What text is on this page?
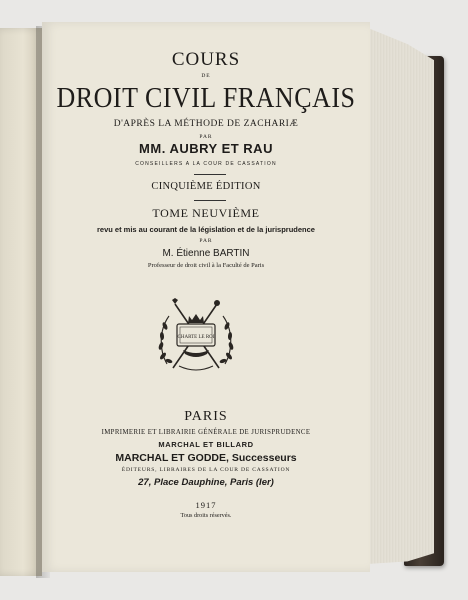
COURS

DE

DROIT CIVIL FRANÇAIS

D'APRÈS LA MÉTHODE DE ZACHARIÆ

PAR

MM. AUBRY ET RAU

CONSEILLERS A LA COUR DE CASSATION

CINQUIÈME ÉDITION

TOME NEUVIÈME

revu et mis au courant de la législation et de la jurisprudence

PAR

M. Étienne BARTIN

Professeur de droit civil à la Faculté de Paris

CHARTE LE ROI

PARIS

IMPRIMERIE ET LIBRAIRIE GÉNÉRALE DE JURISPRUDENCE

MARCHAL ET BILLARD

MARCHAL ET GODDE, Successeurs

ÉDITEURS, LIBRAIRES DE LA COUR DE CASSATION

27, Place Dauphine, Paris (Ier)

1917

Tous droits réservés.
